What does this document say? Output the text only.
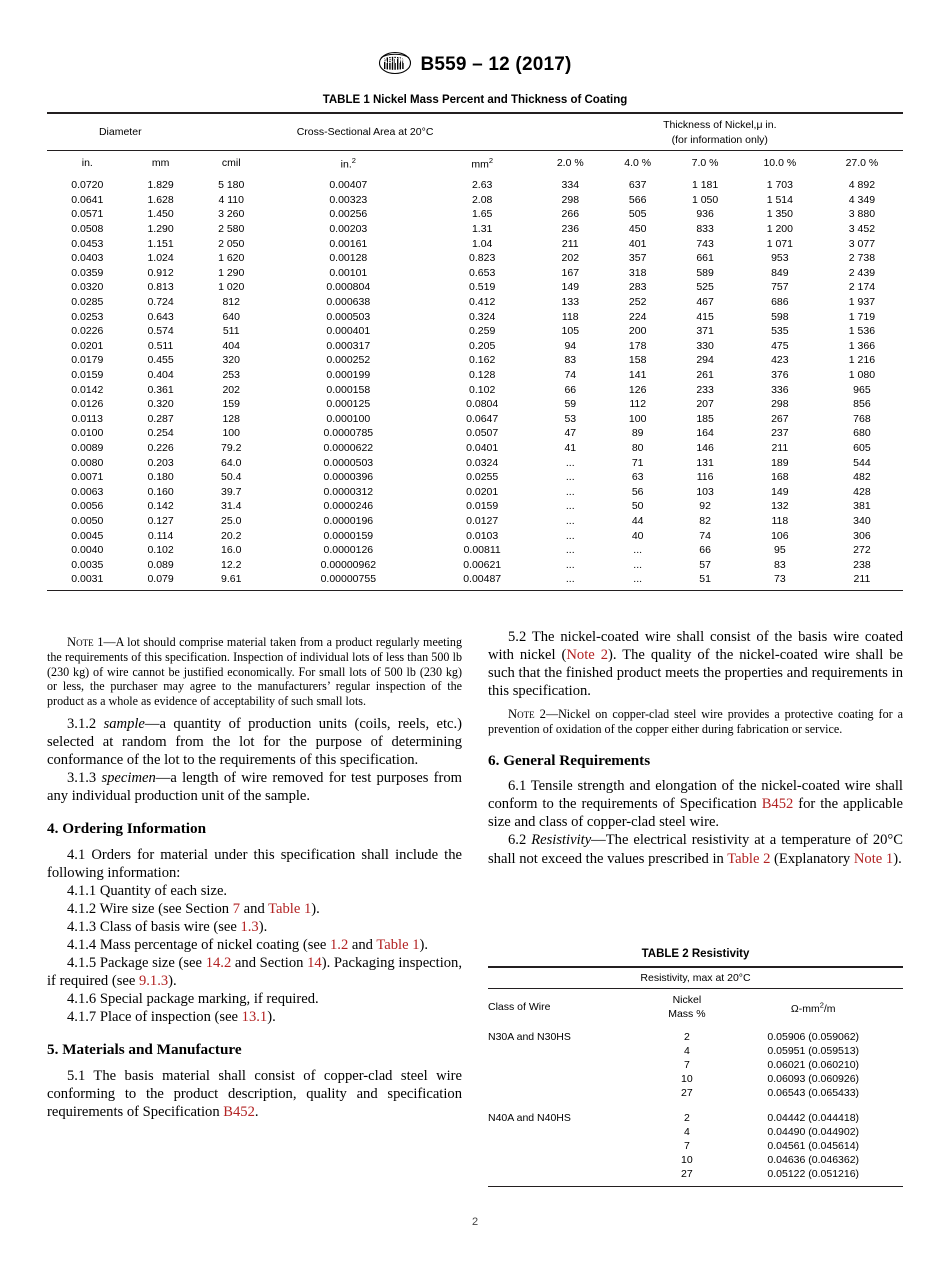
A S T M B559 – 12 (2017)
TABLE 1 Nickel Mass Percent and Thickness of Coating
Diameter		Cross-Sectional Area at 20°C			Thickness of Nickel,μ in.
(for information only)				

in.	mm	cmil	in.$^2$	$mm^2$	2.0 %	4.0 %	7.0 %	10.0 %	27.0 %
0.0720	1.829	5 180	0.00407	2.63	334	637	1 181	1 703	4 892
0.0641	1.628	4 110	0.00323	2.08	298	566	1 050	1 514	4 349
0.0571	1.450	3 260	0.00256	1.65	266	505	936	1 350	3 880
0.0508	1.290	2 580	0.00203	1.31	236	450	833	1 200	3 452
0.0453	1.151	2 050	0.00161	1.04	211	401	743	1 071	3 077
0.0403	1.024	1 620	0.00128	0.823	202	357	661	953	2 738
0.0359	0.912	1 290	0.00101	0.653	167	318	589	849	2 439
0.0320	0.813	1 020	0.000804	0.519	149	283	525	757	2 174
0.0285	0.724	812	0.000638	0.412	133	252	467	686	1 937
0.0253	0.643	640	0.000503	0.324	118	224	415	598	1 719
0.0226	0.574	511	0.000401	0.259	105	200	371	535	1 536
0.0201	0.511	404	0.000317	0.205	94	178	330	475	1 366
0.0179	0.455	320	0.000252	0.162	83	158	294	423	1 216
0.0159	0.404	253	0.000199	0.128	74	141	261	376	1 080
0.0142	0.361	202	0.000158	0.102	66	126	233	336	965
0.0126	0.320	159	0.000125	0.0804	59	112	207	298	856
0.0113	0.287	128	0.000100	0.0647	53	100	185	267	768
0.0100	0.254	100	0.0000785	0.0507	47	89	164	237	680
0.0089	0.226	79.2	0.0000622	0.0401	41	80	146	211	605
0.0080	0.203	64.0	0.0000503	0.0324	...	71	131	189	544
0.0071	0.180	50.4	0.0000396	0.0255	...	63	116	168	482
0.0063	0.160	39.7	0.0000312	0.0201	...	56	103	149	428
0.0056	0.142	31.4	0.0000246	0.0159	...	50	92	132	381
0.0050	0.127	25.0	0.0000196	0.0127	...	44	82	118	340
0.0045	0.114	20.2	0.0000159	0.0103	...	40	74	106	306
0.0040	0.102	16.0	0.0000126	0.00811	...	...	66	95	272
0.0035	0.089	12.2	0.00000962	0.00621	...	...	57	83	238
0.0031	0.079	9.61	0.00000755	0.00487	...	...	51	73	211

Note 1—A lot should comprise material taken from a product regularly meeting the requirements of this specification. Inspection of individual lots of less than 500 lb (230 kg) of wire cannot be justified economically. For small lots of 500 lb (230 kg) or less, the purchaser may agree to the manufacturers’ regular inspection of the product as a whole as evidence of acceptability of such small lots.

3.1.2 sample—a quantity of production units (coils, reels, etc.) selected at random from the lot for the purpose of determining conformance of the lot to the requirements of this specification.

3.1.3 specimen—a length of wire removed for test purposes from any individual production unit of the sample.

4. Ordering Information

4.1 Orders for material under this specification shall include the following information:

4.1.1 Quantity of each size.

4.1.2 Wire size (see Section 7 and Table 1).

4.1.3 Class of basis wire (see 1.3).

4.1.4 Mass percentage of nickel coating (see 1.2 and Table 1).

4.1.5 Package size (see 14.2 and Section 14). Packaging inspection, if required (see 9.1.3).

4.1.6 Special package marking, if required.

4.1.7 Place of inspection (see 13.1).

5. Materials and Manufacture

5.1 The basis material shall consist of copper-clad steel wire conforming to the product description, quality and specification requirements of Specification B452.

5.2 The nickel-coated wire shall consist of the basis wire coated with nickel (Note 2). The quality of the nickel-coated wire shall be such that the finished product meets the properties and requirements in this specification.

Note 2—Nickel on copper-clad steel wire provides a protective coating for a prevention of oxidation of the copper either during fabrication or service.

6. General Requirements

6.1 Tensile strength and elongation of the nickel-coated wire shall conform to the requirements of Specification B452 for the applicable size and class of copper-clad steel wire.

6.2 Resistivity—The electrical resistivity at a temperature of 20°C shall not exceed the values prescribed in Table 2 (Explanatory Note 1).

TABLE 2 Resistivity
Resistivity, max at 20°C		
Class of Wire	Nickel
Mass %	$\Omega-mm^2/m$
N30A and N30HS	2	0.05906 (0.059062)
	4	0.05951 (0.059513)
	7	0.06021 (0.060210)
	10	0.06093 (0.060926)
	27	0.06543 (0.065433)

N40A and N40HS	2	0.04442 (0.044418)
	4	0.04490 (0.044902)
	7	0.04561 (0.045614)
	10	0.04636 (0.046362)
	27	0.05122 (0.051216)
2
